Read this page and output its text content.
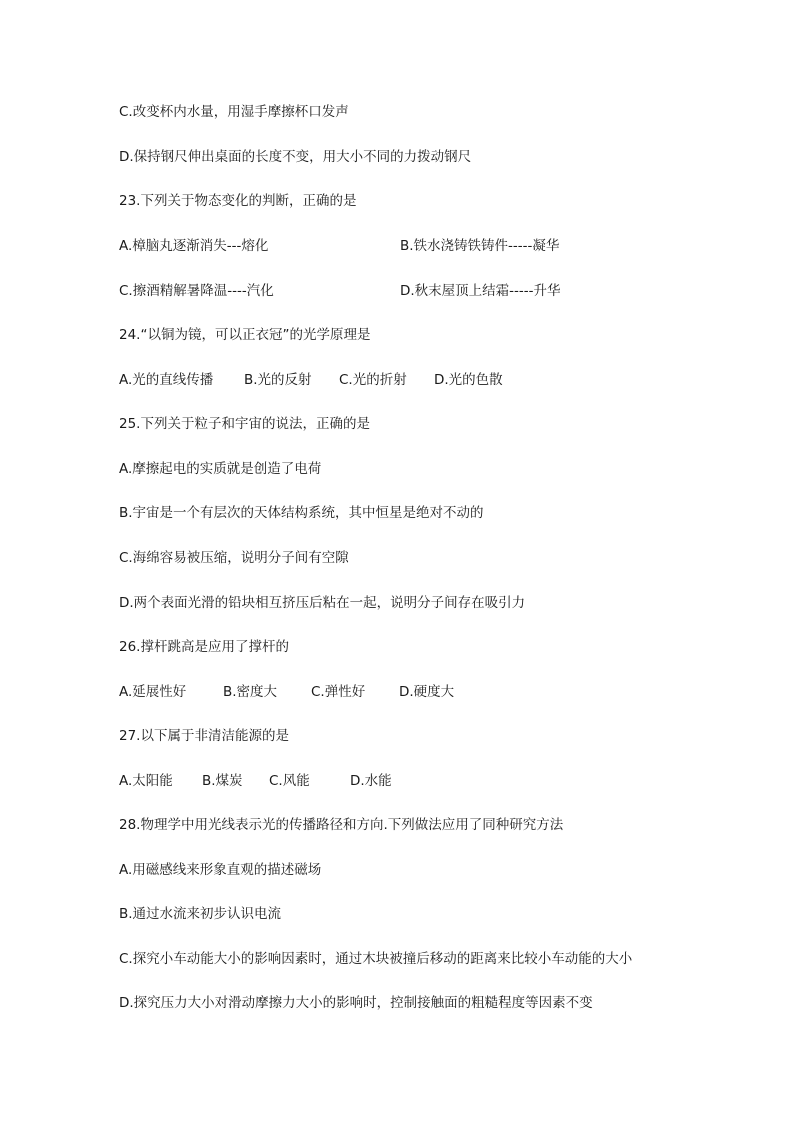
C.改变杯内水量，用湿手摩擦杯口发声

D.保持钢尺伸出桌面的长度不变，用大小不同的力拨动钢尺

23.下列关于物态变化的判断，正确的是

A.樟脑丸逐渐消失---熔化	B.铁水浇铸铁铸件-----凝华
C.擦酒精解暑降温----汽化	D.秋末屋顶上结霜-----升华

24.“以铜为镜，可以正衣冠”的光学原理是

A.光的直线传播 B.光的反射 C.光的折射 D.光的色散

25.下列关于粒子和宇宙的说法，正确的是

A.摩擦起电的实质就是创造了电荷

B.宇宙是一个有层次的天体结构系统，其中恒星是绝对不动的

C.海绵容易被压缩，说明分子间有空隙

D.两个表面光滑的铅块相互挤压后粘在一起，说明分子间存在吸引力

26.撑杆跳高是应用了撑杆的

A.延展性好	B.密度大	C.弹性好	D.硬度大

27.以下属于非清洁能源的是

A.太阳能 B.煤炭 C.风能	D.水能

28.物理学中用光线表示光的传播路径和方向.下列做法应用了同种研究方法

A.用磁感线来形象直观的描述磁场

B.通过水流来初步认识电流

C.探究小车动能大小的影响因素时，通过木块被撞后移动的距离来比较小车动能的大小

D.探究压力大小对滑动摩擦力大小的影响时，控制接触面的粗糙程度等因素不变
